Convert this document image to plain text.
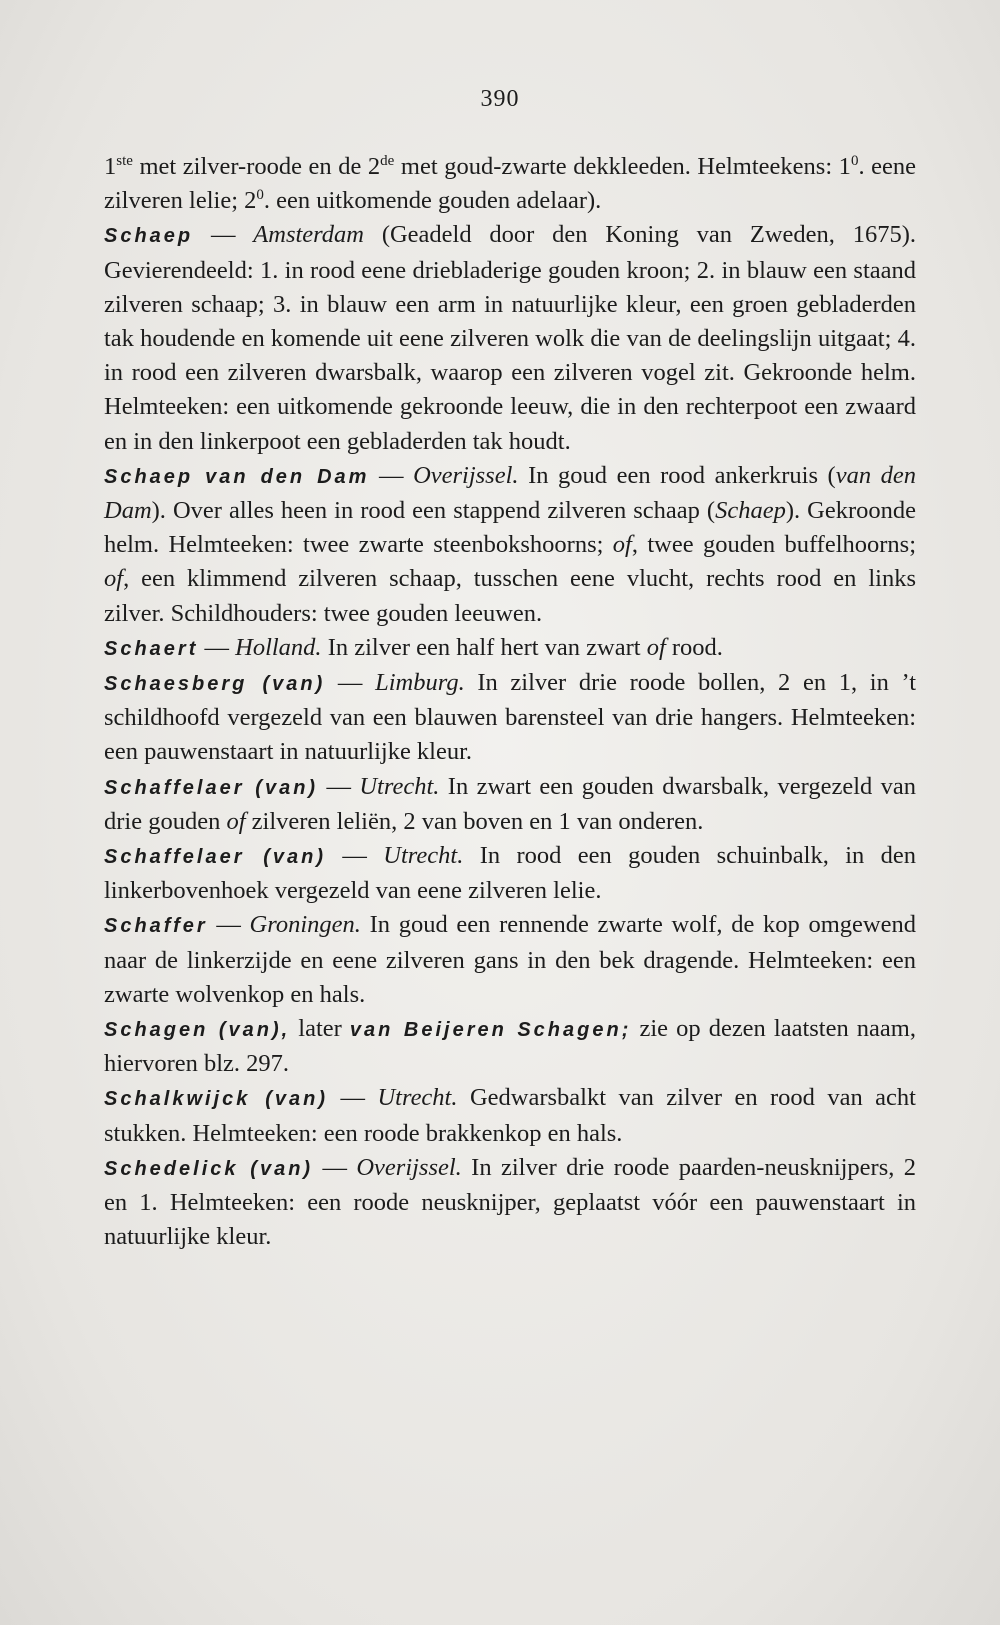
390

1ste met zilver-roode en de 2de met goud-zwarte dekkleeden. Helmteekens: $1^0$. eene zilveren lelie; $2^0$. een uitkomende gouden adelaar).

Schaep — Amsterdam (Geadeld door den Koning van Zweden, 1675). Gevierendeeld: 1. in rood eene driebladerige gouden kroon; 2. in blauw een staand zilveren schaap; 3. in blauw een arm in natuurlijke kleur, een groen gebladerden tak houdende en komende uit eene zilveren wolk die van de deelingslijn uitgaat; 4. in rood een zilveren dwarsbalk, waarop een zilveren vogel zit. Gekroonde helm. Helmteeken: een uitkomende gekroonde leeuw, die in den rechterpoot een zwaard en in den linkerpoot een gebladerden tak houdt.

Schaep van den Dam — Overijssel. In goud een rood ankerkruis (van den Dam). Over alles heen in rood een stappend zilveren schaap (Schaep). Gekroonde helm. Helmteeken: twee zwarte steenbokshoorns; of, twee gouden buffelhoorns; of, een klimmend zilveren schaap, tusschen eene vlucht, rechts rood en links zilver. Schildhouders: twee gouden leeuwen.

Schaert — Holland. In zilver een half hert van zwart of rood.

Schaesberg (van) — Limburg. In zilver drie roode bollen, 2 en 1, in ’t schildhoofd vergezeld van een blauwen barensteel van drie hangers. Helmteeken: een pauwenstaart in natuurlijke kleur.

Schaffelaer (van) — Utrecht. In zwart een gouden dwarsbalk, vergezeld van drie gouden of zilveren leliën, 2 van boven en 1 van onderen.

Schaffelaer (van) — Utrecht. In rood een gouden schuinbalk, in den linkerbovenhoek vergezeld van eene zilveren lelie.

Schaffer — Groningen. In goud een rennende zwarte wolf, de kop omgewend naar de linkerzijde en eene zilveren gans in den bek dragende. Helmteeken: een zwarte wolvenkop en hals.

Schagen (van), later van Beijeren Schagen; zie op dezen laatsten naam, hiervoren blz. 297.

Schalkwijck (van) — Utrecht. Gedwarsbalkt van zilver en rood van acht stukken. Helmteeken: een roode brakkenkop en hals.

Schedelick (van) — Overijssel. In zilver drie roode paarden-neusknijpers, 2 en 1. Helmteeken: een roode neusknijper, geplaatst vóór een pauwenstaart in natuurlijke kleur.
